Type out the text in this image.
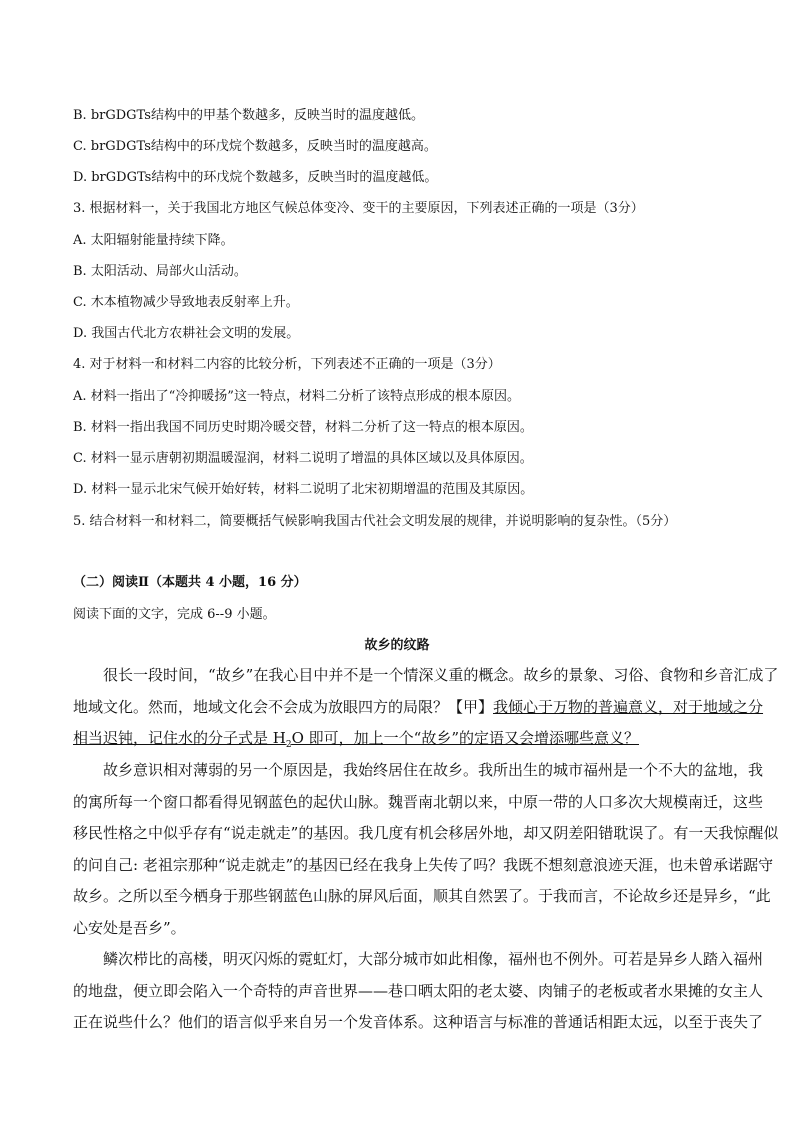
B. brGDGTs结构中的甲基个数越多，反映当时的温度越低。
C. brGDGTs结构中的环戊烷个数越多，反映当时的温度越高。
D. brGDGTs结构中的环戊烷个数越多，反映当时的温度越低。
3. 根据材料一，关于我国北方地区气候总体变冷、变干的主要原因，下列表述正确的一项是（3分）
A. 太阳辐射能量持续下降。
B. 太阳活动、局部火山活动。
C. 木本植物减少导致地表反射率上升。
D. 我国古代北方农耕社会文明的发展。
4. 对于材料一和材料二内容的比较分析，下列表述不正确的一项是（3分）
A. 材料一指出了“冷抑暖扬”这一特点，材料二分析了该特点形成的根本原因。
B. 材料一指出我国不同历史时期冷暖交替，材料二分析了这一特点的根本原因。
C. 材料一显示唐朝初期温暖湿润，材料二说明了增温的具体区域以及具体原因。
D. 材料一显示北宋气候开始好转，材料二说明了北宋初期增温的范围及其原因。
5. 结合材料一和材料二，简要概括气候影响我国古代社会文明发展的规律，并说明影响的复杂性。（5分）
（二）阅读Ⅱ（本题共 4 小题，16 分）
阅读下面的文字，完成 6--9 小题。
故乡的纹路
很长一段时间，“故乡”在我心目中并不是一个情深义重的概念。故乡的景象、习俗、食物和乡音汇成了
地域文化。然而，地域文化会不会成为放眼四方的局限？【甲】我倾心于万物的普遍意义，对于地域之分
相当迟钝，记住水的分子式是 $H_2O$ 即可，加上一个“故乡”的定语又会增添哪些意义？
故乡意识相对薄弱的另一个原因是，我始终居住在故乡。我所出生的城市福州是一个不大的盆地，我
的寓所每一个窗口都看得见钢蓝色的起伏山脉。魏晋南北朝以来，中原一带的人口多次大规模南迁，这些
移民性格之中似乎存有“说走就走”的基因。我几度有机会移居外地，却又阴差阳错耽误了。有一天我惊醒似
的问自己: 老祖宗那种“说走就走”的基因已经在我身上失传了吗？我既不想刻意浪迹天涯，也未曾承诺踞守
故乡。之所以至今栖身于那些钢蓝色山脉的屏风后面，顺其自然罢了。于我而言，不论故乡还是异乡，“此
心安处是吾乡”。
鳞次栉比的高楼，明灭闪烁的霓虹灯，大部分城市如此相像，福州也不例外。可若是异乡人踏入福州
的地盘，便立即会陷入一个奇特的声音世界——巷口晒太阳的老太婆、肉铺子的老板或者水果摊的女主人
正在说些什么？他们的语言似乎来自另一个发音体系。这种语言与标准的普通话相距太远，以至于丧失了
